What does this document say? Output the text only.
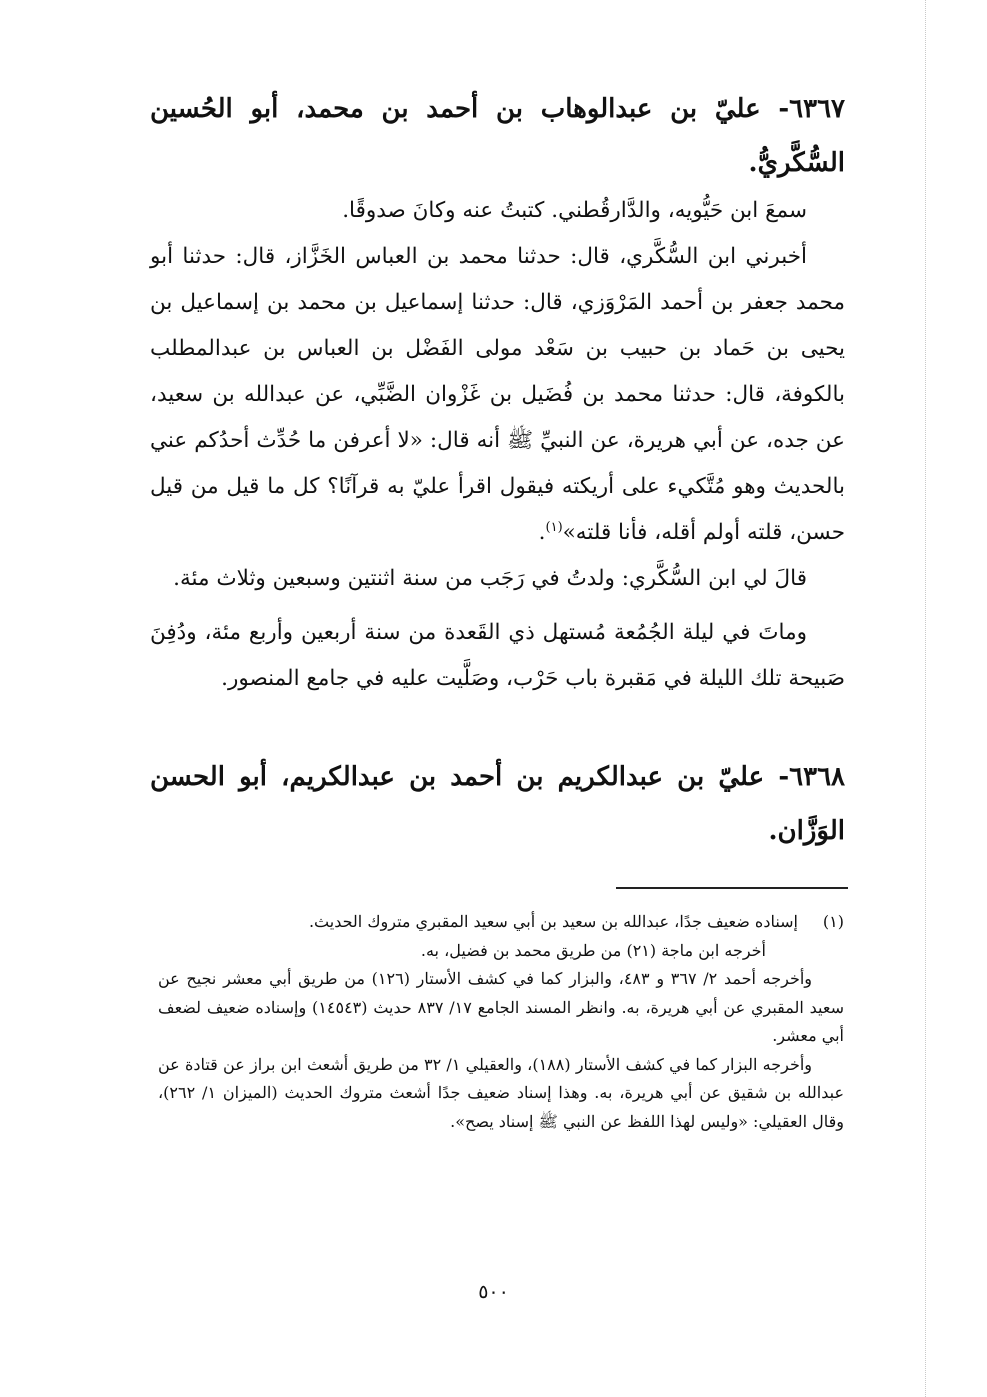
٦٣٦٧- عليّ بن عبدالوهاب بن أحمد بن محمد، أبو الحُسين السُّكَّريُّ.

سمعَ ابن حَيُّويه، والدَّارقُطني. كتبتُ عنه وكانَ صدوقًا.

أخبرني ابن السُّكَّري، قال: حدثنا محمد بن العباس الخَزَّاز، قال: حدثنا أبو محمد جعفر بن أحمد المَرْوَزي، قال: حدثنا إسماعيل بن محمد بن إسماعيل بن يحيى بن حَماد بن حبيب بن سَعْد مولى الفَضْل بن العباس بن عبدالمطلب بالكوفة، قال: حدثنا محمد بن فُضَيل بن غَزْوان الضَّبِّي، عن عبدالله بن سعيد، عن جده، عن أبي هريرة، عن النبيِّ ﷺ أنه قال: «لا أعرفن ما حُدِّث أحدُكم عني بالحديث وهو مُتَّكيء على أريكته فيقول اقرأ عليّ به قرآنًا؟ كل ما قيل من قيل حسن، قلته أولم أقله، فأنا قلته»$^{(١)}$.

قالَ لي ابن السُّكَّري: ولدتُ في رَجَب من سنة اثنتين وسبعين وثلاث مئة.

وماتَ في ليلة الجُمُعة مُستهل ذي القَعدة من سنة أربعين وأربع مئة، ودُفِنَ صَبيحة تلك الليلة في مَقبرة باب حَرْب، وصَلَّيت عليه في جامع المنصور.

٦٣٦٨- عليّ بن عبدالكريم بن أحمد بن عبدالكريم، أبو الحسن الوَزَّان.

(١)

إسناده ضعيف جدًا، عبدالله بن سعيد بن أبي سعيد المقبري متروك الحديث.

أخرجه ابن ماجة (٢١) من طريق محمد بن فضيل، به.

وأخرجه أحمد ٢/ ٣٦٧ و ٤٨٣، والبزار كما في كشف الأستار (١٢٦) من طريق أبي معشر نجيح عن سعيد المقبري عن أبي هريرة، به. وانظر المسند الجامع ١٧/ ٨٣٧ حديث (١٤٥٤٣) وإسناده ضعيف لضعف أبي معشر.

وأخرجه البزار كما في كشف الأستار (١٨٨)، والعقيلي ١/ ٣٢ من طريق أشعث ابن براز عن قتادة عن عبدالله بن شقيق عن أبي هريرة، به. وهذا إسناد ضعيف جدًا أشعث متروك الحديث (الميزان ١/ ٢٦٢)، وقال العقيلي: «وليس لهذا اللفظ عن النبي ﷺ إسناد يصح».

٥٠٠
